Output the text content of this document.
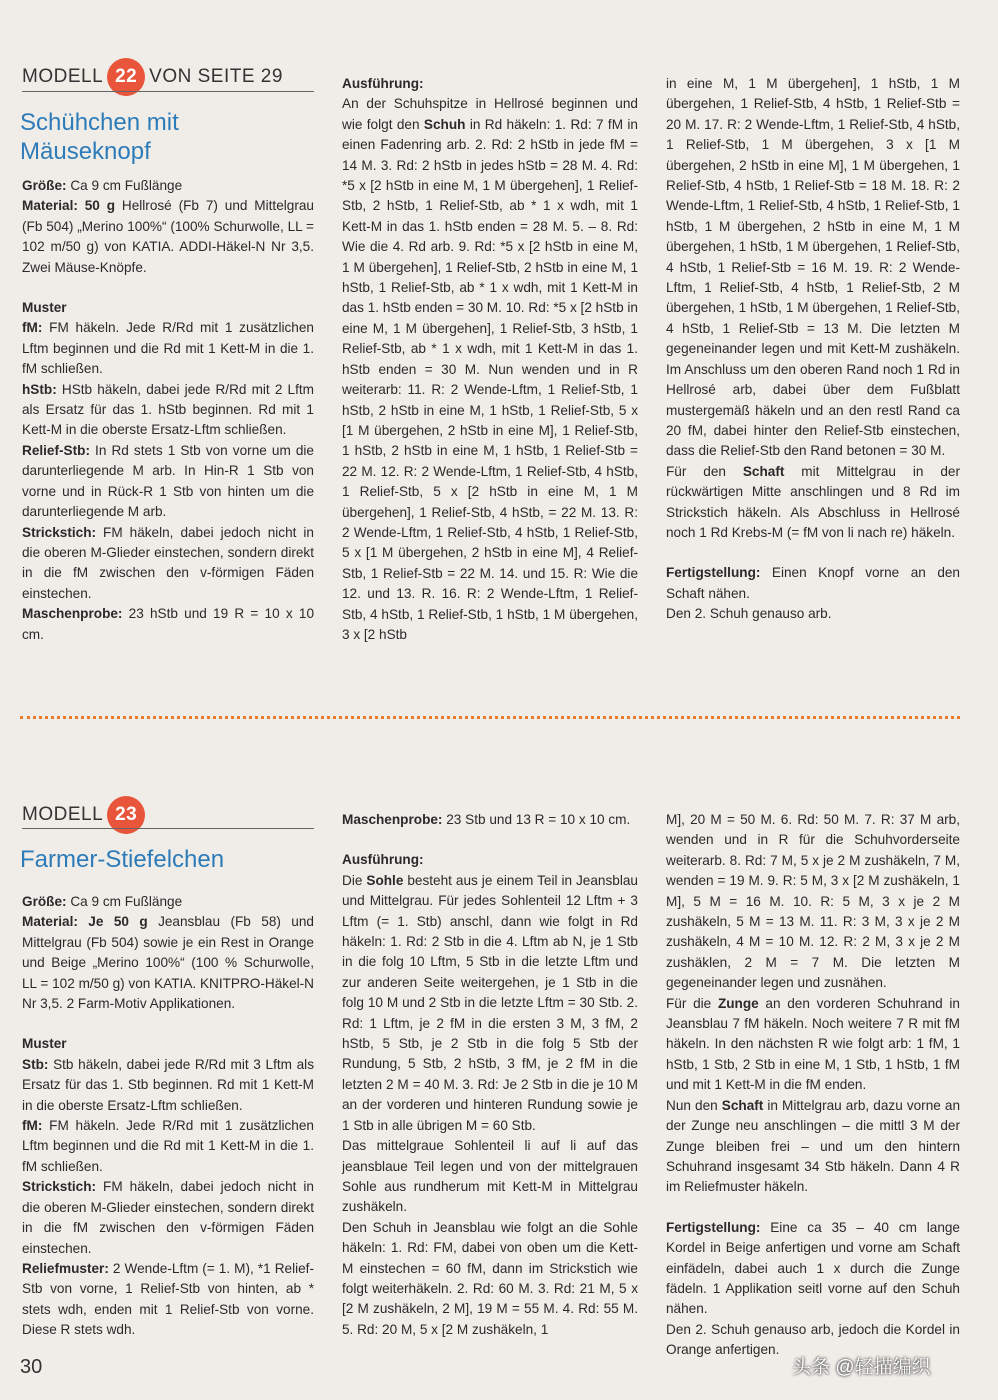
MODELL 22 VON SEITE 29
Schühchen mit
Mäuseknopf

Größe: Ca 9 cm Fußlänge

Material: 50 g Hellrosé (Fb 7) und Mittelgrau (Fb 504) „Merino 100%“ (100% Schurwolle, LL = 102 m/50 g) von KATIA. ADDI-Häkel-N Nr 3,5. Zwei Mäuse-Knöpfe.

Muster

fM: FM häkeln. Jede R/Rd mit 1 zusätzlichen Lftm beginnen und die Rd mit 1 Kett-M in die 1. fM schließen.

hStb: HStb häkeln, dabei jede R/Rd mit 2 Lftm als Ersatz für das 1. hStb beginnen. Rd mit 1 Kett-M in die oberste Ersatz-Lftm schließen.

Relief-Stb: In Rd stets 1 Stb von vorne um die darunterliegende M arb. In Hin-R 1 Stb von vorne und in Rück-R 1 Stb von hinten um die darunterliegende M arb.

Strickstich: FM häkeln, dabei jedoch nicht in die oberen M-Glieder einstechen, sondern direkt in die fM zwischen den v-förmigen Fäden einstechen.

Maschenprobe: 23 hStb und 19 R = 10 x 10 cm.

Ausführung:

An der Schuhspitze in Hellrosé beginnen und wie folgt den Schuh in Rd häkeln: 1. Rd: 7 fM in einen Fadenring arb. 2. Rd: 2 hStb in jede fM = 14 M. 3. Rd: 2 hStb in jedes hStb = 28 M. 4. Rd: *5 x [2 hStb in eine M, 1 M übergehen], 1 Relief-Stb, 2 hStb, 1 Relief-Stb, ab * 1 x wdh, mit 1 Kett-M in das 1. hStb enden = 28 M. 5. – 8. Rd: Wie die 4. Rd arb. 9. Rd: *5 x [2 hStb in eine M, 1 M übergehen], 1 Relief-Stb, 2 hStb in eine M, 1 hStb, 1 Relief-Stb, ab * 1 x wdh, mit 1 Kett-M in das 1. hStb enden = 30 M. 10. Rd: *5 x [2 hStb in eine M, 1 M übergehen], 1 Relief-Stb, 3 hStb, 1 Relief-Stb, ab * 1 x wdh, mit 1 Kett-M in das 1. hStb enden = 30 M. Nun wenden und in R weiterarb: 11. R: 2 Wende-Lftm, 1 Relief-Stb, 1 hStb, 2 hStb in eine M, 1 hStb, 1 Relief-Stb, 5 x [1 M übergehen, 2 hStb in eine M], 1 Relief-Stb, 1 hStb, 2 hStb in eine M, 1 hStb, 1 Relief-Stb = 22 M. 12. R: 2 Wende-Lftm, 1 Relief-Stb, 4 hStb, 1 Relief-Stb, 5 x [2 hStb in eine M, 1 M übergehen], 1 Relief-Stb, 4 hStb, = 22 M. 13. R: 2 Wende-Lftm, 1 Relief-Stb, 4 hStb, 1 Relief-Stb, 5 x [1 M übergehen, 2 hStb in eine M], 4 Relief-Stb, 1 Relief-Stb = 22 M. 14. und 15. R: Wie die 12. und 13. R. 16. R: 2 Wende-Lftm, 1 Relief-Stb, 4 hStb, 1 Relief-Stb, 1 hStb, 1 M übergehen, 3 x [2 hStb

in eine M, 1 M übergehen], 1 hStb, 1 M übergehen, 1 Relief-Stb, 4 hStb, 1 Relief-Stb = 20 M. 17. R: 2 Wende-Lftm, 1 Relief-Stb, 4 hStb, 1 Relief-Stb, 1 M übergehen, 3 x [1 M übergehen, 2 hStb in eine M], 1 M übergehen, 1 Relief-Stb, 4 hStb, 1 Relief-Stb = 18 M. 18. R: 2 Wende-Lftm, 1 Relief-Stb, 4 hStb, 1 Relief-Stb, 1 hStb, 1 M übergehen, 2 hStb in eine M, 1 M übergehen, 1 hStb, 1 M übergehen, 1 Relief-Stb, 4 hStb, 1 Relief-Stb = 16 M. 19. R: 2 Wende-Lftm, 1 Relief-Stb, 4 hStb, 1 Relief-Stb, 2 M übergehen, 1 hStb, 1 M übergehen, 1 Relief-Stb, 4 hStb, 1 Relief-Stb = 13 M. Die letzten M gegeneinander legen und mit Kett-M zushäkeln. Im Anschluss um den oberen Rand noch 1 Rd in Hellrosé arb, dabei über dem Fußblatt mustergemäß häkeln und an den restl Rand ca 20 fM, dabei hinter den Relief-Stb einstechen, dass die Relief-Stb den Rand betonen = 30 M.

Für den Schaft mit Mittelgrau in der rückwärtigen Mitte anschlingen und 8 Rd im Strickstich häkeln. Als Abschluss in Hellrosé noch 1 Rd Krebs-M (= fM von li nach re) häkeln.

Fertigstellung: Einen Knopf vorne an den Schaft nähen.

Den 2. Schuh genauso arb.

MODELL 23
Farmer-Stiefelchen

Größe: Ca 9 cm Fußlänge

Material: Je 50 g Jeansblau (Fb 58) und Mittelgrau (Fb 504) sowie je ein Rest in Orange und Beige „Merino 100%“ (100 % Schurwolle, LL = 102 m/50 g) von KATIA. KNITPRO-Häkel-N Nr 3,5. 2 Farm-Motiv Applikationen.

Muster

Stb: Stb häkeln, dabei jede R/Rd mit 3 Lftm als Ersatz für das 1. Stb beginnen. Rd mit 1 Kett-M in die oberste Ersatz-Lftm schließen.

fM: FM häkeln. Jede R/Rd mit 1 zusätzlichen Lftm beginnen und die Rd mit 1 Kett-M in die 1. fM schließen.

Strickstich: FM häkeln, dabei jedoch nicht in die oberen M-Glieder einstechen, sondern direkt in die fM zwischen den v-förmigen Fäden einstechen.

Reliefmuster: 2 Wende-Lftm (= 1. M), *1 Relief-Stb von vorne, 1 Relief-Stb von hinten, ab * stets wdh, enden mit 1 Relief-Stb von vorne. Diese R stets wdh.

Maschenprobe: 23 Stb und 13 R = 10 x 10 cm.

Ausführung:

Die Sohle besteht aus je einem Teil in Jeansblau und Mittelgrau. Für jedes Sohlenteil 12 Lftm + 3 Lftm (= 1. Stb) anschl, dann wie folgt in Rd häkeln: 1. Rd: 2 Stb in die 4. Lftm ab N, je 1 Stb in die folg 10 Lftm, 5 Stb in die letzte Lftm und zur anderen Seite weitergehen, je 1 Stb in die folg 10 M und 2 Stb in die letzte Lftm = 30 Stb. 2. Rd: 1 Lftm, je 2 fM in die ersten 3 M, 3 fM, 2 hStb, 5 Stb, je 2 Stb in die folg 5 Stb der Rundung, 5 Stb, 2 hStb, 3 fM, je 2 fM in die letzten 2 M = 40 M. 3. Rd: Je 2 Stb in die je 10 M an der vorderen und hinteren Rundung sowie je 1 Stb in alle übrigen M = 60 Stb.

Das mittelgraue Sohlenteil li auf li auf das jeansblaue Teil legen und von der mittelgrauen Sohle aus rundherum mit Kett-M in Mittelgrau zushäkeln.

Den Schuh in Jeansblau wie folgt an die Sohle häkeln: 1. Rd: FM, dabei von oben um die Kett-M einstechen = 60 fM, dann im Strickstich wie folgt weiterhäkeln. 2. Rd: 60 M. 3. Rd: 21 M, 5 x [2 M zushäkeln, 2 M], 19 M = 55 M. 4. Rd: 55 M. 5. Rd: 20 M, 5 x [2 M zushäkeln, 1

M], 20 M = 50 M. 6. Rd: 50 M. 7. R: 37 M arb, wenden und in R für die Schuhvorderseite weiterarb. 8. Rd: 7 M, 5 x je 2 M zushäkeln, 7 M, wenden = 19 M. 9. R: 5 M, 3 x [2 M zushäkeln, 1 M], 5 M = 16 M. 10. R: 5 M, 3 x je 2 M zushäkeln, 5 M = 13 M. 11. R: 3 M, 3 x je 2 M zushäkeln, 4 M = 10 M. 12. R: 2 M, 3 x je 2 M zushäklen, 2 M = 7 M. Die letzten M gegeneinander legen und zusnähen.

Für die Zunge an den vorderen Schuhrand in Jeansblau 7 fM häkeln. Noch weitere 7 R mit fM häkeln. In den nächsten R wie folgt arb: 1 fM, 1 hStb, 1 Stb, 2 Stb in eine M, 1 Stb, 1 hStb, 1 fM und mit 1 Kett-M in die fM enden.

Nun den Schaft in Mittelgrau arb, dazu vorne an der Zunge neu anschlingen – die mittl 3 M der Zunge bleiben frei – und um den hintern Schuhrand insgesamt 34 Stb häkeln. Dann 4 R im Reliefmuster häkeln.

Fertigstellung: Eine ca 35 – 40 cm lange Kordel in Beige anfertigen und vorne am Schaft einfädeln, dabei auch 1 x durch die Zunge fädeln. 1 Applikation seitl vorne auf den Schuh nähen.

Den 2. Schuh genauso arb, jedoch die Kordel in Orange anfertigen.

30	头条 @轻描编织
